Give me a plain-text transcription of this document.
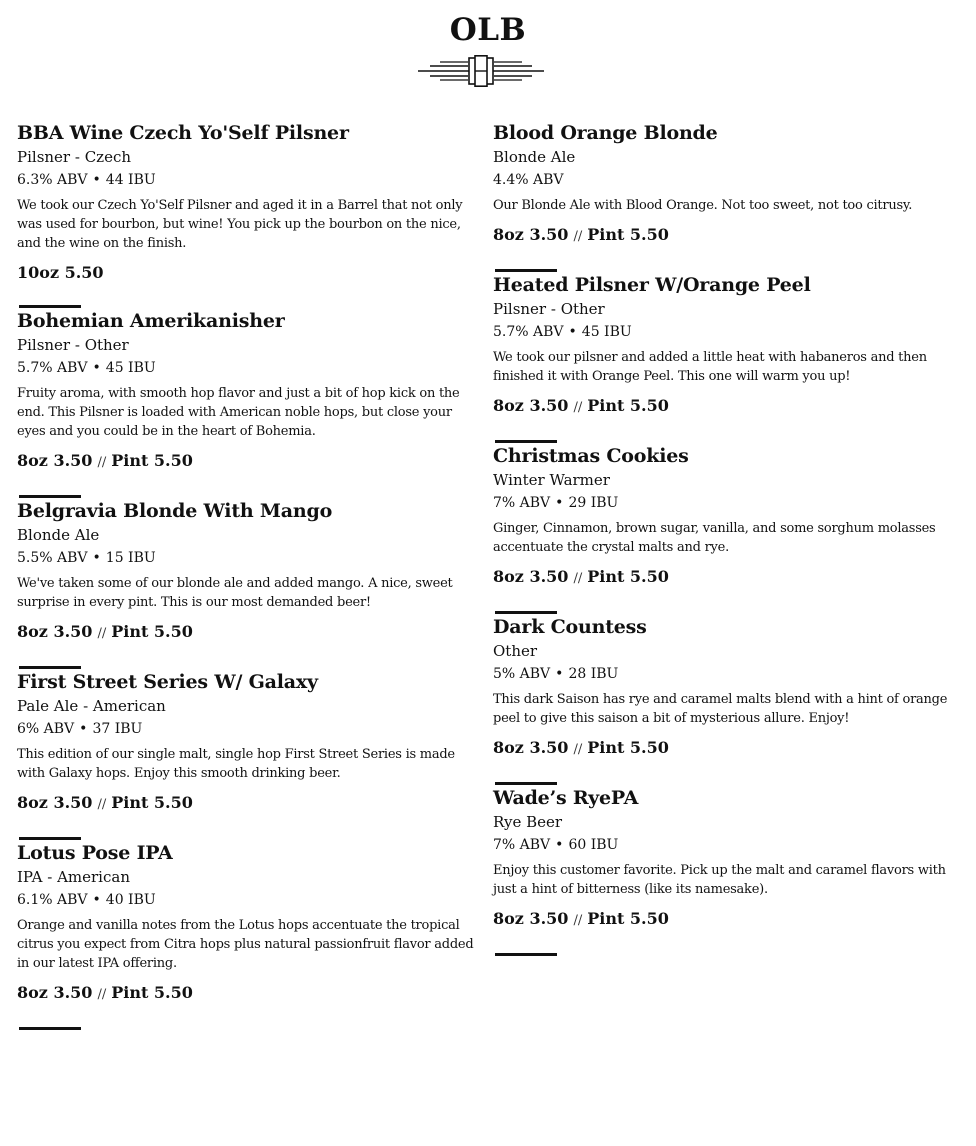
OLB
BBA Wine Czech Yo'Self Pilsner
Pilsner - Czech
6.3% ABV • 44 IBU
We took our Czech Yo'Self Pilsner and aged it in a Barrel that not only was used for bourbon, but wine! You pick up the bourbon on the nice, and the wine on the finish.
10oz 5.50
Bohemian Amerikanisher
Pilsner - Other
5.7% ABV • 45 IBU
Fruity aroma, with smooth hop flavor and just a bit of hop kick on the end. This Pilsner is loaded with American noble hops, but close your eyes and you could be in the heart of Bohemia.
8oz 3.50 // Pint 5.50
Belgravia Blonde With Mango
Blonde Ale
5.5% ABV • 15 IBU
We've taken some of our blonde ale and added mango. A nice, sweet surprise in every pint. This is our most demanded beer!
8oz 3.50 // Pint 5.50
First Street Series W/ Galaxy
Pale Ale - American
6% ABV • 37 IBU
This edition of our single malt, single hop First Street Series is made with Galaxy hops. Enjoy this smooth drinking beer.
8oz 3.50 // Pint 5.50
Lotus Pose IPA
IPA - American
6.1% ABV • 40 IBU
Orange and vanilla notes from the Lotus hops accentuate the tropical citrus you expect from Citra hops plus natural passionfruit flavor added in our latest IPA offering.
8oz 3.50 // Pint 5.50
Blood Orange Blonde
Blonde Ale
4.4% ABV
Our Blonde Ale with Blood Orange. Not too sweet, not too citrusy.
8oz 3.50 // Pint 5.50
Heated Pilsner W/Orange Peel
Pilsner - Other
5.7% ABV • 45 IBU
We took our pilsner and added a little heat with habaneros and then finished it with Orange Peel. This one will warm you up!
8oz 3.50 // Pint 5.50
Christmas Cookies
Winter Warmer
7% ABV • 29 IBU
Ginger, Cinnamon, brown sugar, vanilla, and some sorghum molasses accentuate the crystal malts and rye.
8oz 3.50 // Pint 5.50
Dark Countess
Other
5% ABV • 28 IBU
This dark Saison has rye and caramel malts blend with a hint of orange peel to give this saison a bit of mysterious allure. Enjoy!
8oz 3.50 // Pint 5.50
Wade’s RyePA
Rye Beer
7% ABV • 60 IBU
Enjoy this customer favorite. Pick up the malt and caramel flavors with just a hint of bitterness (like its namesake).
8oz 3.50 // Pint 5.50
